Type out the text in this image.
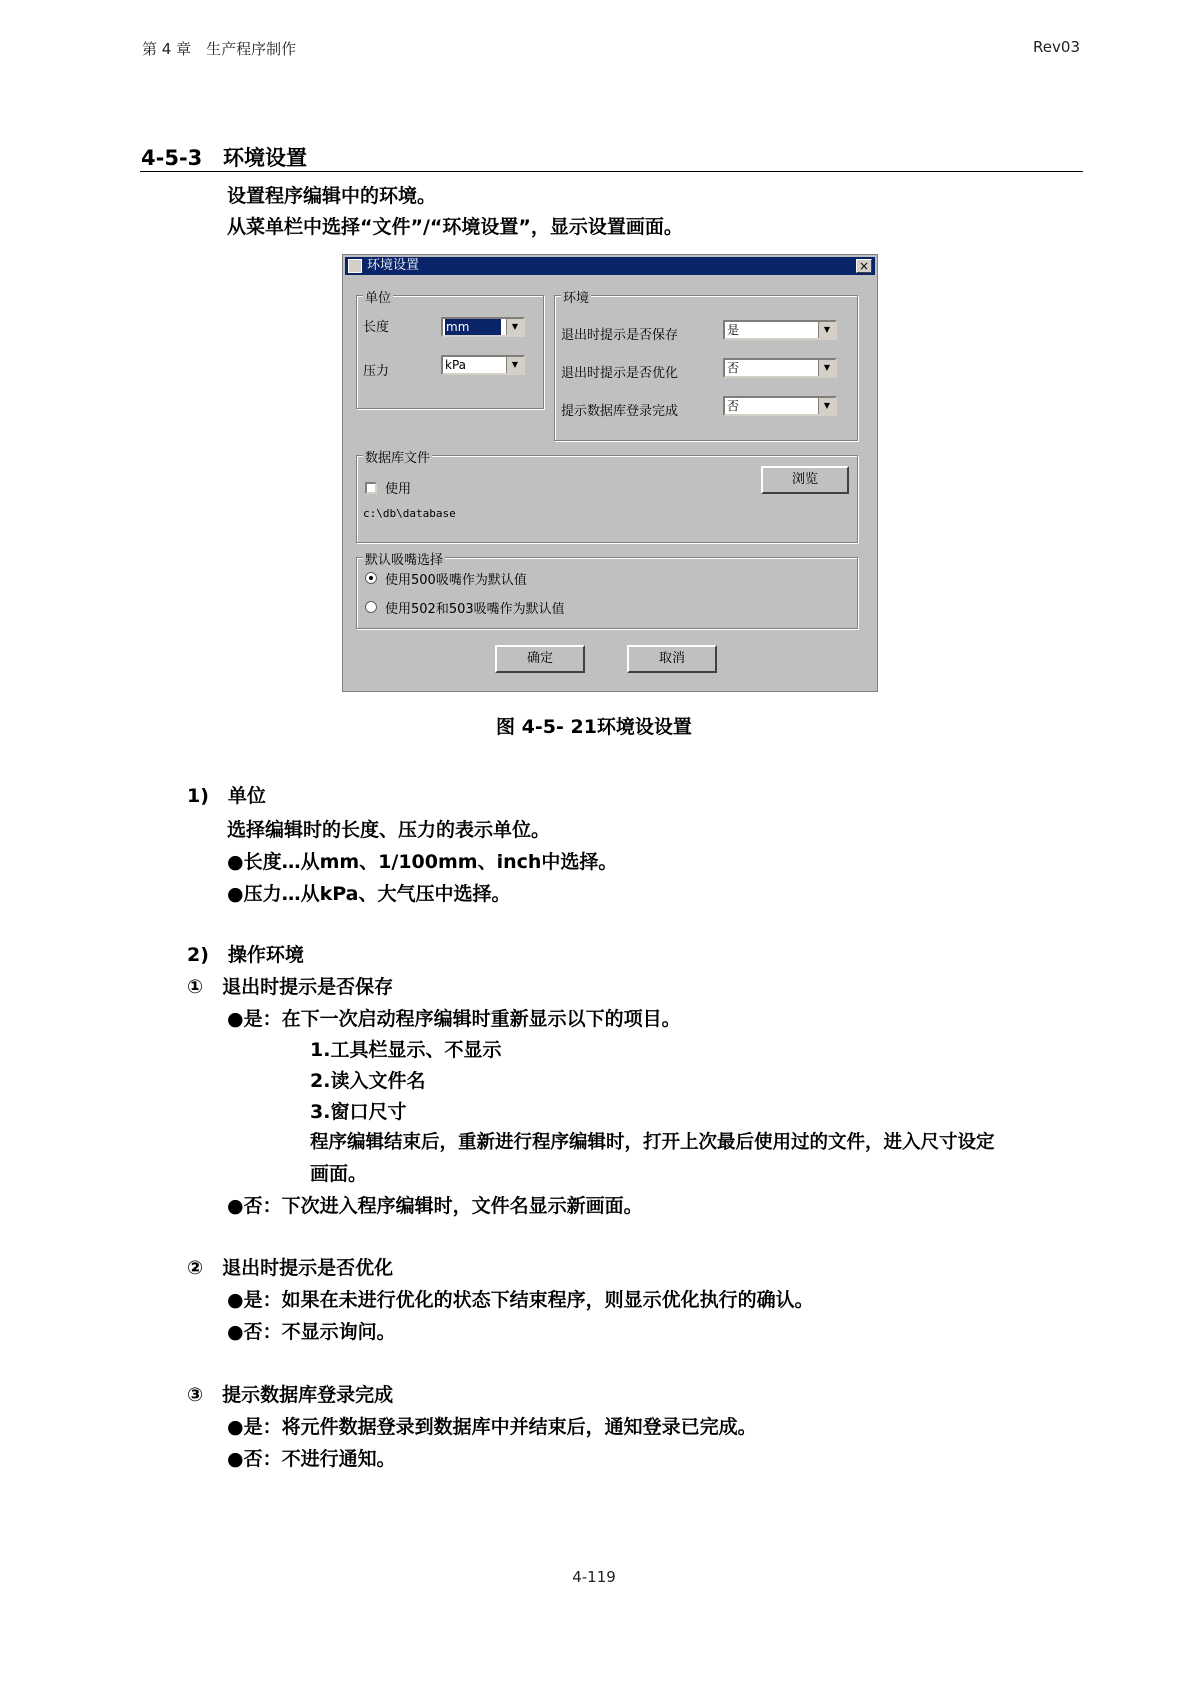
第 4 章　生产程序制作	Rev03
4-5-3 环境设置
设置程序编辑中的环境。
从菜单栏中选择“文件”/“环境设置”，显示设置画面。
环境设置	×
单位
长度	mm	▼
压力	kPa	▼
环境
退出时提示是否保存	是	▼
退出时提示是否优化	否	▼
提示数据库登录完成	否	▼
数据库文件
使用
c:\db\database
浏览
默认吸嘴选择
使用500吸嘴作为默认值
使用502和503吸嘴作为默认值
确定	取消
图 4-5- 21环境设设置
1)　单位
选择编辑时的长度、压力的表示单位。
●长度…从mm、1/100mm、inch中选择。
●压力…从kPa、大气压中选择。
2)　操作环境
①　退出时提示是否保存
●是：在下一次启动程序编辑时重新显示以下的项目。
1.工具栏显示、不显示
2.读入文件名
3.窗口尺寸
程序编辑结束后，重新进行程序编辑时，打开上次最后使用过的文件，进入尺寸设定
画面。
●否：下次进入程序编辑时，文件名显示新画面。
②　退出时提示是否优化
●是：如果在未进行优化的状态下结束程序，则显示优化执行的确认。
●否：不显示询问。
③　提示数据库登录完成
●是：将元件数据登录到数据库中并结束后，通知登录已完成。
●否：不进行通知。
4-119
